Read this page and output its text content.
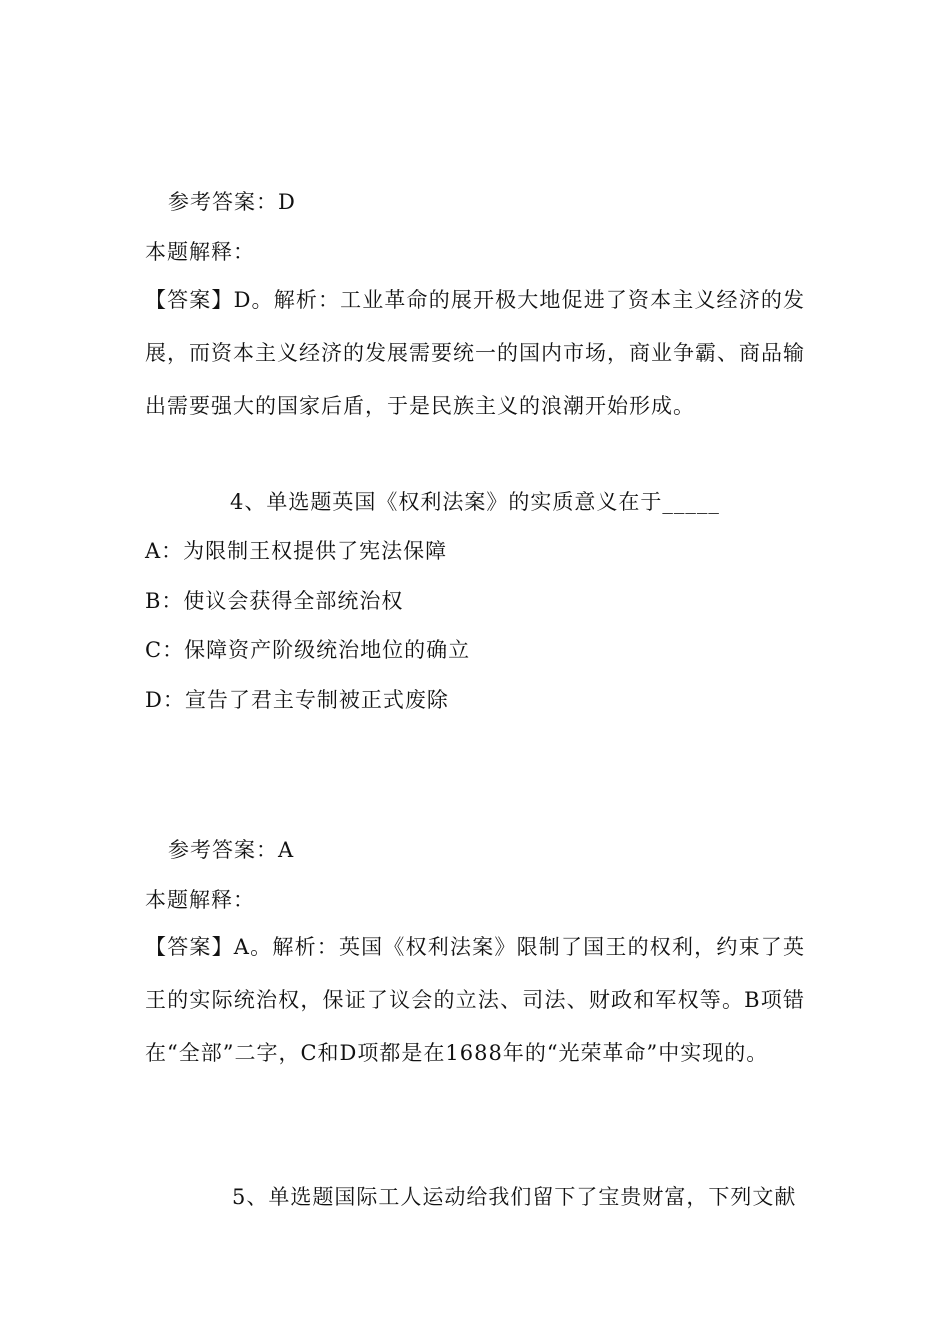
参考答案：D
本题解释：
【答案】D。解析：工业革命的展开极大地促进了资本主义经济的发展，而资本主义经济的发展需要统一的国内市场，商业争霸、商品输出需要强大的国家后盾，于是民族主义的浪潮开始形成。
4、单选题英国《权利法案》的实质意义在于_____
A：为限制王权提供了宪法保障
B：使议会获得全部统治权
C：保障资产阶级统治地位的确立
D：宣告了君主专制被正式废除
参考答案：A
本题解释：
【答案】A。解析：英国《权利法案》限制了国王的权利，约束了英王的实际统治权，保证了议会的立法、司法、财政和军权等。B项错在“全部”二字，C和D项都是在1688年的“光荣革命”中实现的。
5、单选题国际工人运动给我们留下了宝贵财富，下列文献
